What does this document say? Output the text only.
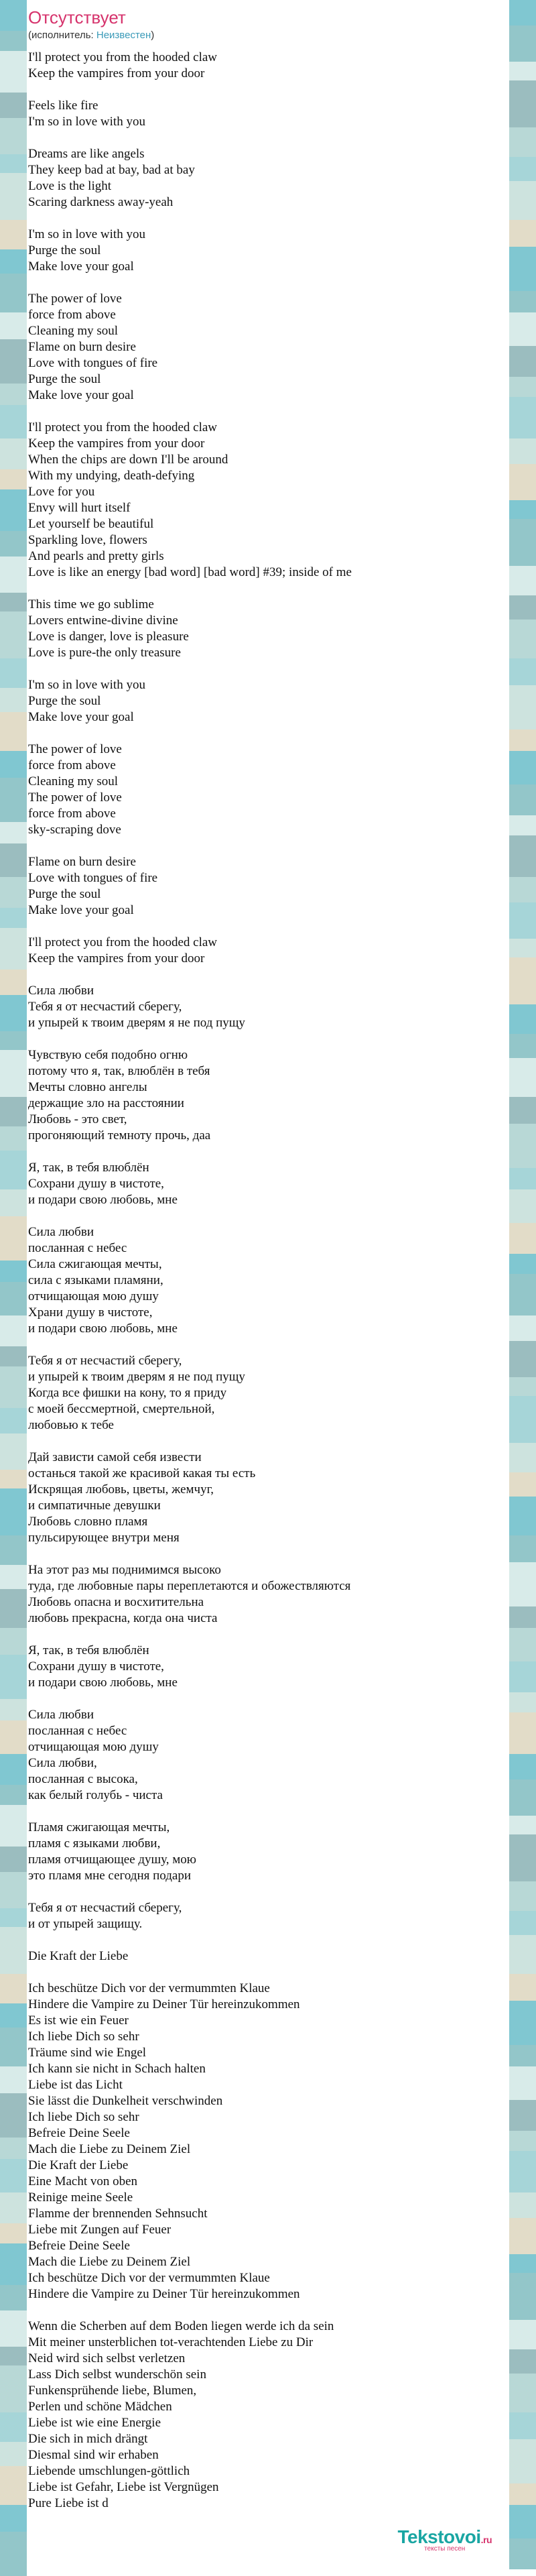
Отсутствует
(исполнитель: Неизвестен)
I'll protect you from the hooded claw
Keep the vampires from your door
Feels like fire
I'm so in love with you
Dreams are like angels
They keep bad at bay, bad at bay
Love is the light
Scaring darkness away-yeah
I'm so in love with you
Purge the soul
Make love your goal
The power of love
force from above
Cleaning my soul
Flame on burn desire
Love with tongues of fire
Purge the soul
Make love your goal
I'll protect you from the hooded claw
Keep the vampires from your door
When the chips are down I'll be around
With my undying, death-defying
Love for you
Envy will hurt itself
Let yourself be beautiful
Sparkling love, flowers
And pearls and pretty girls
Love is like an energy [bad word] [bad word] #39; inside of me
This time we go sublime
Lovers entwine-divine divine
Love is danger, love is pleasure
Love is pure-the only treasure
I'm so in love with you
Purge the soul
Make love your goal
The power of love
force from above
Cleaning my soul
The power of love
force from above
sky-scraping dove
Flame on burn desire
Love with tongues of fire
Purge the soul
Make love your goal
I'll protect you from the hooded claw
Keep the vampires from your door
Сила любви
Тебя я от несчастий сберегу,
и упырей к твоим дверям я не под пущу
Чувствую себя подобно огню
потому что я, так, влюблён в тебя
Мечты словно ангелы
держащие зло на расстоянии
Любовь - это свет,
прогоняющий темноту прочь, даа
Я, так, в тебя влюблён
Сохрани душу в чистоте,
и подари свою любовь, мне
Сила любви
посланная с небес
Сила сжигающая мечты,
сила с языками пламяни,
отчищающая мою душу
Храни душу в чистоте,
и подари свою любовь, мне
Тебя я от несчастий сберегу,
и упырей к твоим дверям я не под пущу
Когда все фишки на кону, то я приду
с моей бессмертной, смертельной,
любовью к тебе
Дай зависти самой себя извести
останься такой же красивой какая ты есть
Искрящая любовь, цветы, жемчуг,
и симпатичные девушки
Любовь словно пламя
пульсирующее внутри меня
На этот раз мы поднимимся высоко
туда, где любовные пары переплетаются и обожествляются
Любовь опасна и восхитительна
любовь прекрасна, когда она чиста
Я, так, в тебя влюблён
Сохрани душу в чистоте,
и подари свою любовь, мне
Сила любви
посланная с небес
отчищающая мою душу
Сила любви,
посланная с высока,
как белый голубь - чиста
Пламя сжигающая мечты,
пламя с языками любви,
пламя отчищающее душу, мою
это пламя мне сегодня подари
Тебя я от несчастий сберегу,
и от упырей защищу.
Die Kraft der Liebe
Ich beschütze Dich vor der vermummten Klaue
Hindere die Vampire zu Deiner Tür hereinzukommen
Es ist wie ein Feuer
Ich liebe Dich so sehr
Träume sind wie Engel
Ich kann sie nicht in Schach halten
Liebe ist das Licht
Sie lässt die Dunkelheit verschwinden
Ich liebe Dich so sehr
Befreie Deine Seele
Mach die Liebe zu Deinem Ziel
Die Kraft der Liebe
Eine Macht von oben
Reinige meine Seele
Flamme der brennenden Sehnsucht
Liebe mit Zungen auf Feuer
Befreie Deine Seele
Mach die Liebe zu Deinem Ziel
Ich beschütze Dich vor der vermummten Klaue
Hindere die Vampire zu Deiner Tür hereinzukommen
Wenn die Scherben auf dem Boden liegen werde ich da sein
Mit meiner unsterblichen tot-verachtenden Liebe zu Dir
Neid wird sich selbst verletzen
Lass Dich selbst wunderschön sein
Funkensprühende liebe, Blumen,
Perlen und schöne Mädchen
Liebe ist wie eine Energie
Die sich in mich drängt
Diesmal sind wir erhaben
Liebende umschlungen-göttlich
Liebe ist Gefahr, Liebe ist Vergnügen
Pure Liebe ist d
Tekstovoi.ru
тексты песен
